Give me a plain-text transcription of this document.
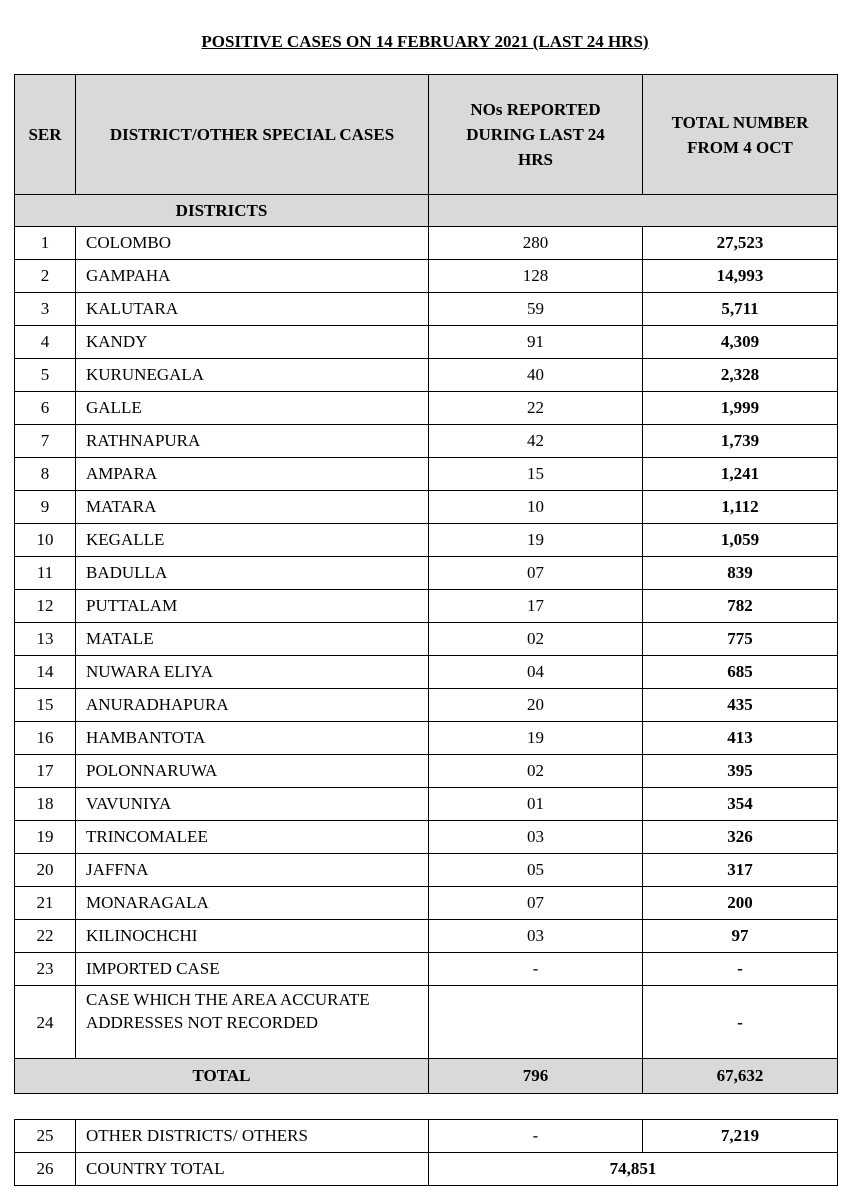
POSITIVE CASES ON 14 FEBRUARY 2021 (LAST 24 HRS)
SER	DISTRICT/OTHER SPECIAL CASES	NOs REPORTED DURING LAST 24 HRS	TOTAL NUMBER FROM 4 OCT
DISTRICTS			
1	COLOMBO	280	27,523
2	GAMPAHA	128	14,993
3	KALUTARA	59	5,711
4	KANDY	91	4,309
5	KURUNEGALA	40	2,328
6	GALLE	22	1,999
7	RATHNAPURA	42	1,739
8	AMPARA	15	1,241
9	MATARA	10	1,112
10	KEGALLE	19	1,059
11	BADULLA	07	839
12	PUTTALAM	17	782
13	MATALE	02	775
14	NUWARA ELIYA	04	685
15	ANURADHAPURA	20	435
16	HAMBANTOTA	19	413
17	POLONNARUWA	02	395
18	VAVUNIYA	01	354
19	TRINCOMALEE	03	326
20	JAFFNA	05	317
21	MONARAGALA	07	200
22	KILINOCHCHI	03	97
23	IMPORTED CASE	-	-
24	CASE WHICH THE AREA ACCURATE ADDRESSES NOT RECORDED		-
TOTAL		796	67,632
25	OTHER DISTRICTS/ OTHERS	-	7,219
26	COUNTRY TOTAL	74,851	
